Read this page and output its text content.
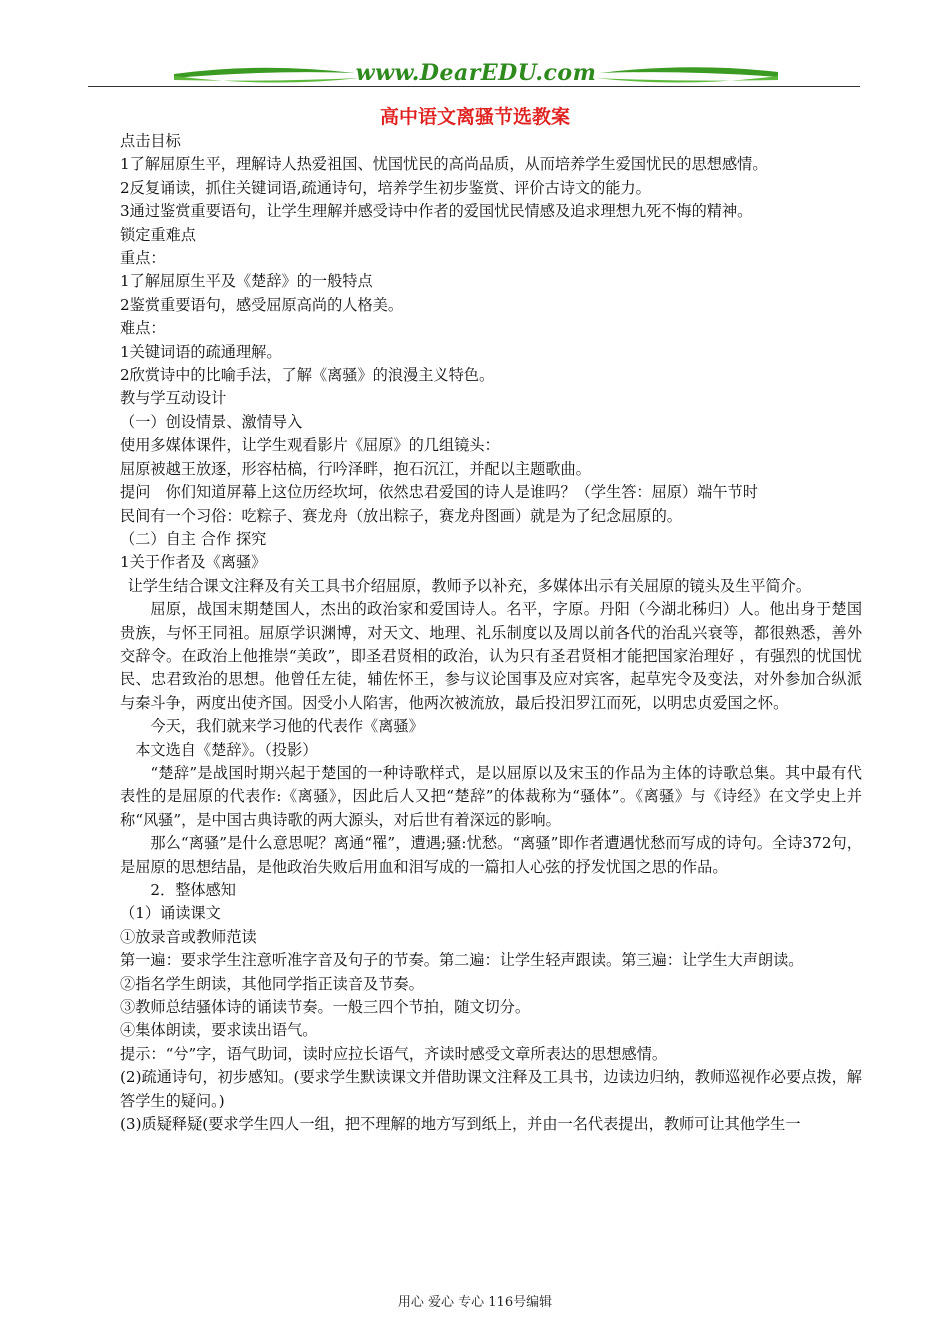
www.DearEDU.com
高中语文离骚节选教案

点击目标

1了解屈原生平，理解诗人热爱祖国、忧国忧民的高尚品质，从而培养学生爱国忧民的思想感情。

2反复诵读，抓住关键词语,疏通诗句，培养学生初步鉴赏、评价古诗文的能力。

3通过鉴赏重要语句，让学生理解并感受诗中作者的爱国忧民情感及追求理想九死不悔的精神。

锁定重难点

重点：

1了解屈原生平及《楚辞》的一般特点

2鉴赏重要语句，感受屈原高尚的人格美。

难点：

1关键词语的疏通理解。

2欣赏诗中的比喻手法，了解《离骚》的浪漫主义特色。

教与学互动设计

（一）创设情景、激情导入

使用多媒体课件，让学生观看影片《屈原》的几组镜头：

屈原被越王放逐，形容枯槁，行吟泽畔，抱石沉江，并配以主题歌曲。

提问　你们知道屏幕上这位历经坎坷，依然忠君爱国的诗人是谁吗？（学生答：屈原）端午节时

民间有一个习俗：吃粽子、赛龙舟（放出粽子，赛龙舟图画）就是为了纪念屈原的。

（二）自主 合作 探究

1关于作者及《离骚》

让学生结合课文注释及有关工具书介绍屈原，教师予以补充，多媒体出示有关屈原的镜头及生平简介。

屈原，战国末期楚国人，杰出的政治家和爱国诗人。名平，字原。丹阳（今湖北秭归）人。他出身于楚国贵族，与怀王同祖。屈原学识渊博，对天文、地理、礼乐制度以及周以前各代的治乱兴衰等，都很熟悉，善外交辞令。在政治上他推崇“美政”，即圣君贤相的政治，认为只有圣君贤相才能把国家治理好 ，有强烈的忧国忧民、忠君致治的思想。他曾任左徒，辅佐怀王，参与议论国事及应对宾客，起草宪令及变法，对外参加合纵派与秦斗争，两度出使齐国。因受小人陷害，他两次被流放，最后投汨罗江而死，以明忠贞爱国之怀。

今天，我们就来学习他的代表作《离骚》

本文选自《楚辞》。（投影）

“楚辞”是战国时期兴起于楚国的一种诗歌样式，是以屈原以及宋玉的作品为主体的诗歌总集。其中最有代表性的是屈原的代表作:《离骚》，因此后人又把“楚辞”的体裁称为“骚体”。《离骚》与《诗经》在文学史上并称“风骚”，是中国古典诗歌的两大源头，对后世有着深远的影响。

那么“离骚”是什么意思呢？离通“罹”，遭遇;骚:忧愁。“离骚”即作者遭遇忧愁而写成的诗句。全诗372句，是屈原的思想结晶，是他政治失败后用血和泪写成的一篇扣人心弦的抒发忧国之思的作品。

2．整体感知

（1）诵读课文

①放录音或教师范读

第一遍：要求学生注意听准字音及句子的节奏。第二遍：让学生轻声跟读。第三遍：让学生大声朗读。

②指名学生朗读，其他同学指正读音及节奏。

③教师总结骚体诗的诵读节奏。一般三四个节拍，随文切分。

④集体朗读，要求读出语气。

提示：“兮”字，语气助词，读时应拉长语气，齐读时感受文章所表达的思想感情。

(2)疏通诗句，初步感知。(要求学生默读课文并借助课文注释及工具书，边读边归纳，教师巡视作必要点拨，解答学生的疑问。)

(3)质疑释疑(要求学生四人一组，把不理解的地方写到纸上，并由一名代表提出，教师可让其他学生一

用心 爱心 专心 116号编辑
